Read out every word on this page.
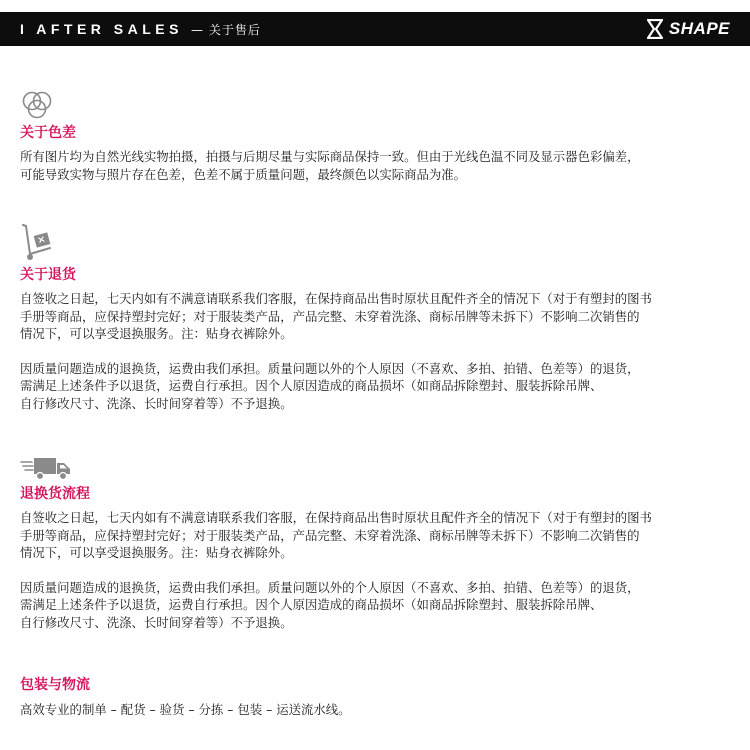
I AFTER SALES — 关于售后	SHAPE
关于色差

所有图片均为自然光线实物拍摄，拍摄与后期尽量与实际商品保持一致。但由于光线色温不同及显示器色彩偏差，
可能导致实物与照片存在色差，色差不属于质量问题，最终颜色以实际商品为准。

关于退货

自签收之日起，七天内如有不满意请联系我们客服，在保持商品出售时原状且配件齐全的情况下（对于有塑封的图书
手册等商品，应保持塑封完好；对于服装类产品，产品完整、未穿着洗涤、商标吊牌等未拆下）不影响二次销售的
情况下，可以享受退换服务。注：贴身衣裤除外。

因质量问题造成的退换货，运费由我们承担。质量问题以外的个人原因（不喜欢、多拍、拍错、色差等）的退货，
需满足上述条件予以退货，运费自行承担。因个人原因造成的商品损坏（如商品拆除塑封、服装拆除吊牌、
自行修改尺寸、洗涤、长时间穿着等）不予退换。

退换货流程

自签收之日起，七天内如有不满意请联系我们客服，在保持商品出售时原状且配件齐全的情况下（对于有塑封的图书
手册等商品，应保持塑封完好；对于服装类产品，产品完整、未穿着洗涤、商标吊牌等未拆下）不影响二次销售的
情况下，可以享受退换服务。注：贴身衣裤除外。

因质量问题造成的退换货，运费由我们承担。质量问题以外的个人原因（不喜欢、多拍、拍错、色差等）的退货，
需满足上述条件予以退货，运费自行承担。因个人原因造成的商品损坏（如商品拆除塑封、服装拆除吊牌、
自行修改尺寸、洗涤、长时间穿着等）不予退换。

包装与物流

高效专业的制单 – 配货 – 验货 – 分拣 – 包装 – 运送流水线。
